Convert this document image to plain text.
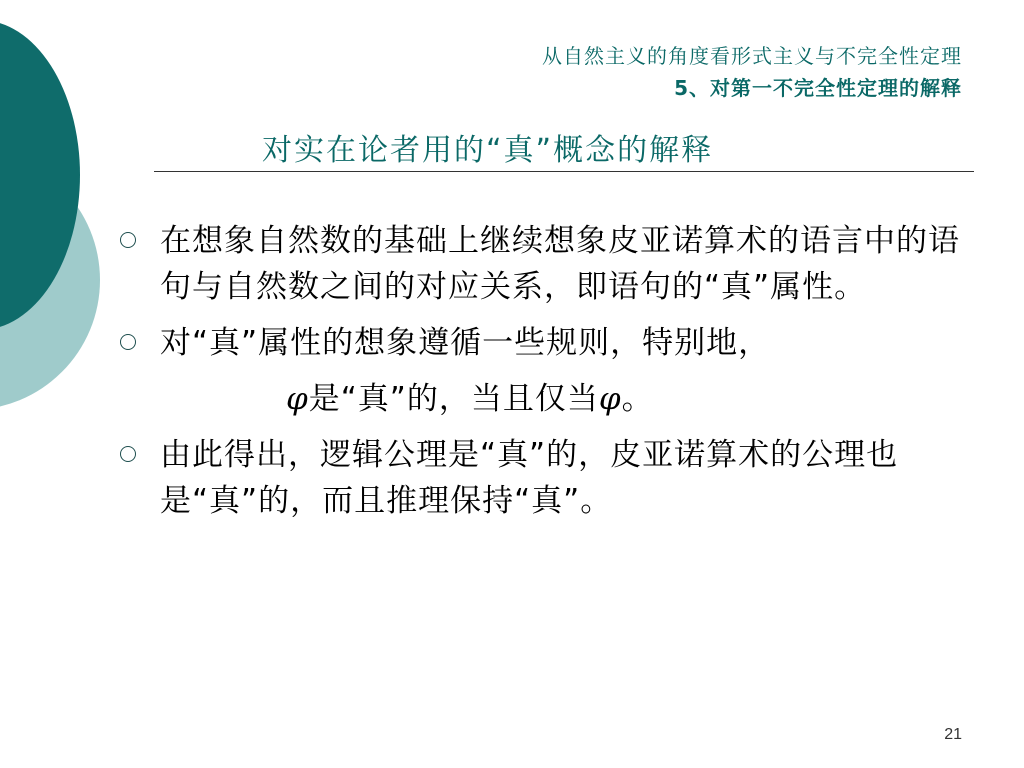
从自然主义的角度看形式主义与不完全性定理
5、对第一不完全性定理的解释
对实在论者用的“真”概念的解释
在想象自然数的基础上继续想象皮亚诺算术的语言中的语句与自然数之间的对应关系，即语句的“真”属性。
对“真”属性的想象遵循一些规则，特别地，
φ是“真”的，当且仅当φ。
由此得出，逻辑公理是“真”的，皮亚诺算术的公理也是“真”的，而且推理保持“真”。
21
